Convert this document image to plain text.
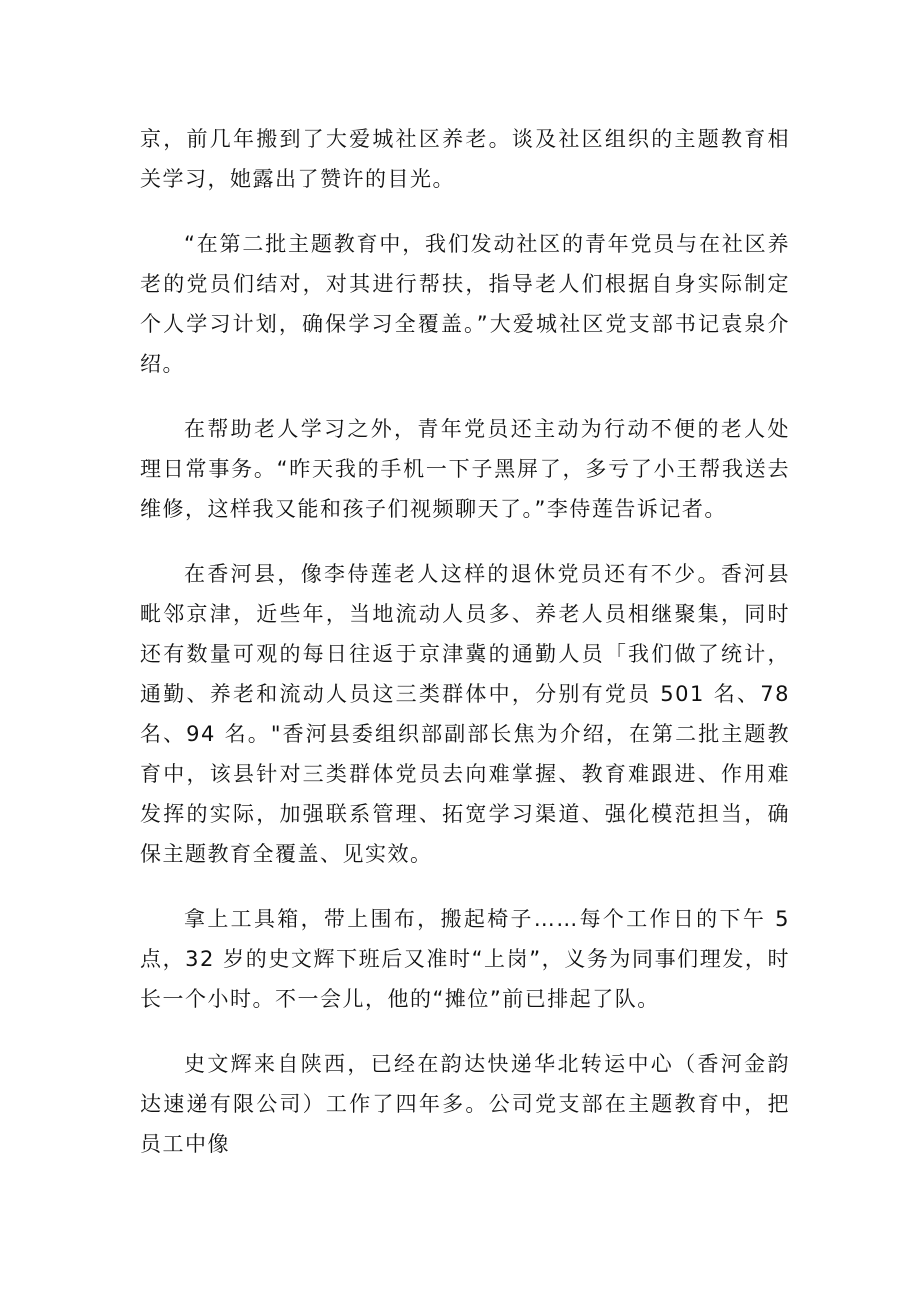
京，前几年搬到了大爱城社区养老。谈及社区组织的主题教育相关学习，她露出了赞许的目光。

“在第二批主题教育中，我们发动社区的青年党员与在社区养老的党员们结对，对其进行帮扶，指导老人们根据自身实际制定个人学习计划，确保学习全覆盖。”大爱城社区党支部书记袁泉介绍。

在帮助老人学习之外，青年党员还主动为行动不便的老人处理日常事务。“昨天我的手机一下子黑屏了，多亏了小王帮我送去维修，这样我又能和孩子们视频聊天了。”李侍莲告诉记者。

在香河县，像李侍莲老人这样的退休党员还有不少。香河县毗邻京津，近些年，当地流动人员多、养老人员相继聚集，同时还有数量可观的每日往返于京津冀的通勤人员「我们做了统计，通勤、养老和流动人员这三类群体中，分别有党员 501 名、78 名、94 名。"香河县委组织部副部长焦为介绍，在第二批主题教育中，该县针对三类群体党员去向难掌握、教育难跟进、作用难发挥的实际，加强联系管理、拓宽学习渠道、强化模范担当，确保主题教育全覆盖、见实效。

拿上工具箱，带上围布，搬起椅子……每个工作日的下午 5 点，32 岁的史文辉下班后又准时“上岗”，义务为同事们理发，时长一个小时。不一会儿，他的“摊位”前已排起了队。

史文辉来自陕西，已经在韵达快递华北转运中心（香河金韵达速递有限公司）工作了四年多。公司党支部在主题教育中，把员工中像
